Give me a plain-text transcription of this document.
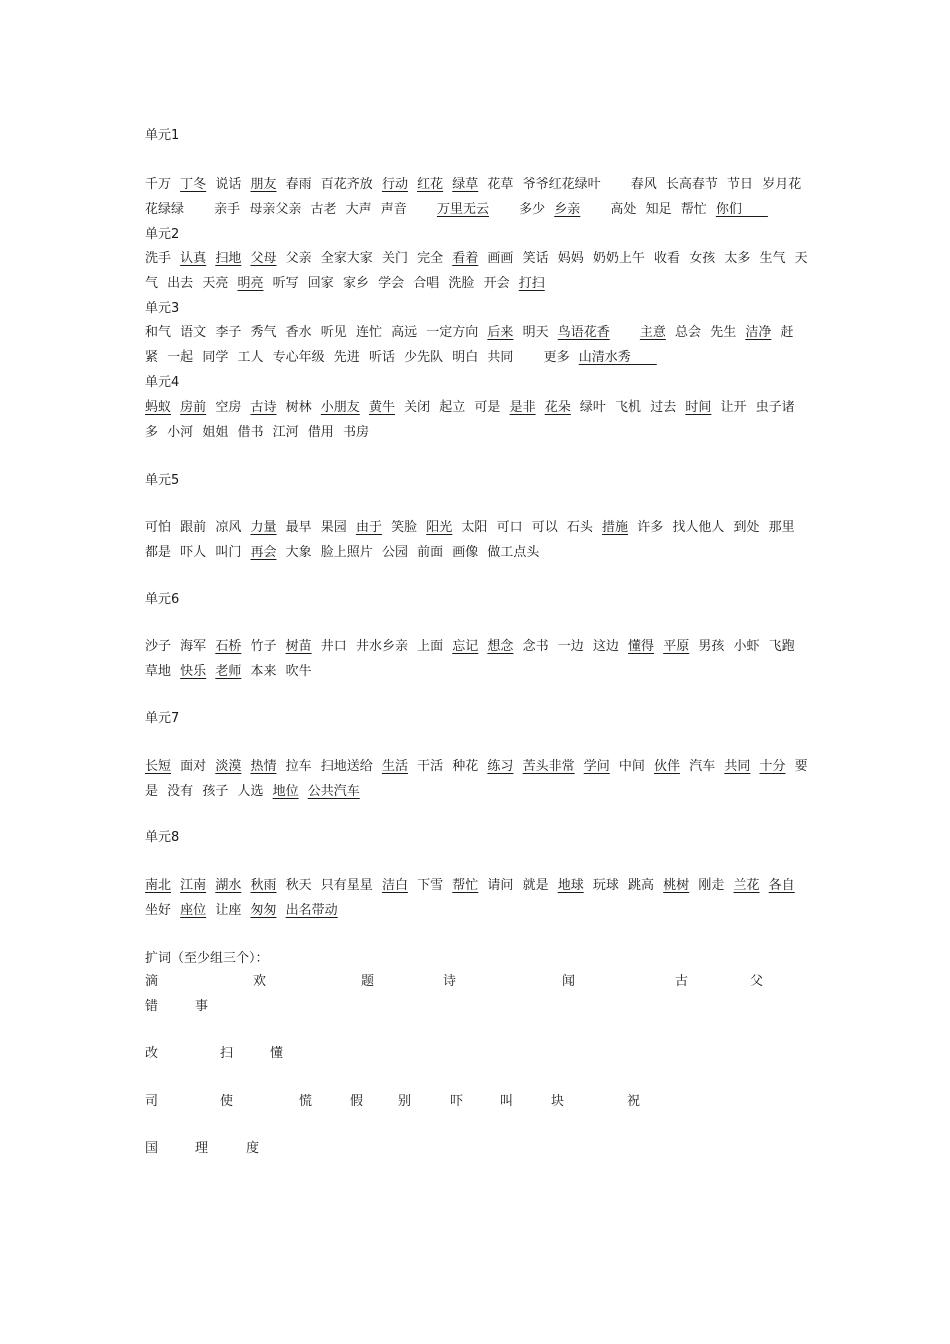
单元1
千万 丁冬 说话 朋友 春雨 百花齐放 行动 红花 绿草 花草 爷爷红花绿叶 春风 长高春节 节日 岁月花花绿绿 亲手 母亲父亲 古老 大声 声音 万里无云 多少 乡亲 高处 知足 帮忙 你们　　
单元2
洗手 认真 扫地 父母 父亲 全家大家 关门 完全 看着 画画 笑话 妈妈 奶奶上午 收看 女孩 太多 生气 天气 出去 天亮 明亮 听写 回家 家乡 学会 合唱 洗脸 开会 打扫
单元3
和气 语文 李子 秀气 香水 听见 连忙 高远 一定方向 后来 明天 鸟语花香 主意 总会 先生 洁净 赶紧 一起 同学 工人 专心年级 先进 听话 少先队 明白 共同 更多 山清水秀　　
单元4
蚂蚁 房前 空房 古诗 树林 小朋友 黄牛 关闭 起立 可是 是非 花朵 绿叶 飞机 过去 时间 让开 虫子诸多 小河 姐姐 借书 江河 借用 书房
单元5
可怕 跟前 凉风 力量 最早 果园 由于 笑脸 阳光 太阳 可口 可以 石头 措施 许多 找人他人 到处 那里 都是 吓人 叫门 再会 大象 脸上照片 公园 前面 画像 做工点头
单元6
沙子 海军 石桥 竹子 树苗 井口 井水乡亲 上面 忘记 想念 念书 一边 这边 懂得 平原 男孩 小虾 飞跑 草地 快乐 老师 本来 吹牛
单元7
长短 面对 淡漠 热情 拉车 扫地送给 生活 干活 种花 练习 苦头非常 学问 中间 伙伴 汽车 共同 十分 要是 没有 孩子 人选 地位 公共汽车
单元8
南北 江南 湖水 秋雨 秋天 只有星星 洁白 下雪 帮忙 请问 就是 地球 玩球 跳高 桃树 刚走 兰花 各自 坐好 座位 让座 匆匆 出名带动
扩词（至少组三个）：
滴	欢	题	诗	闻	古	父
错	事
改	扫	懂
司	使	慌	假	别	吓	叫	块	祝
国	理	度
